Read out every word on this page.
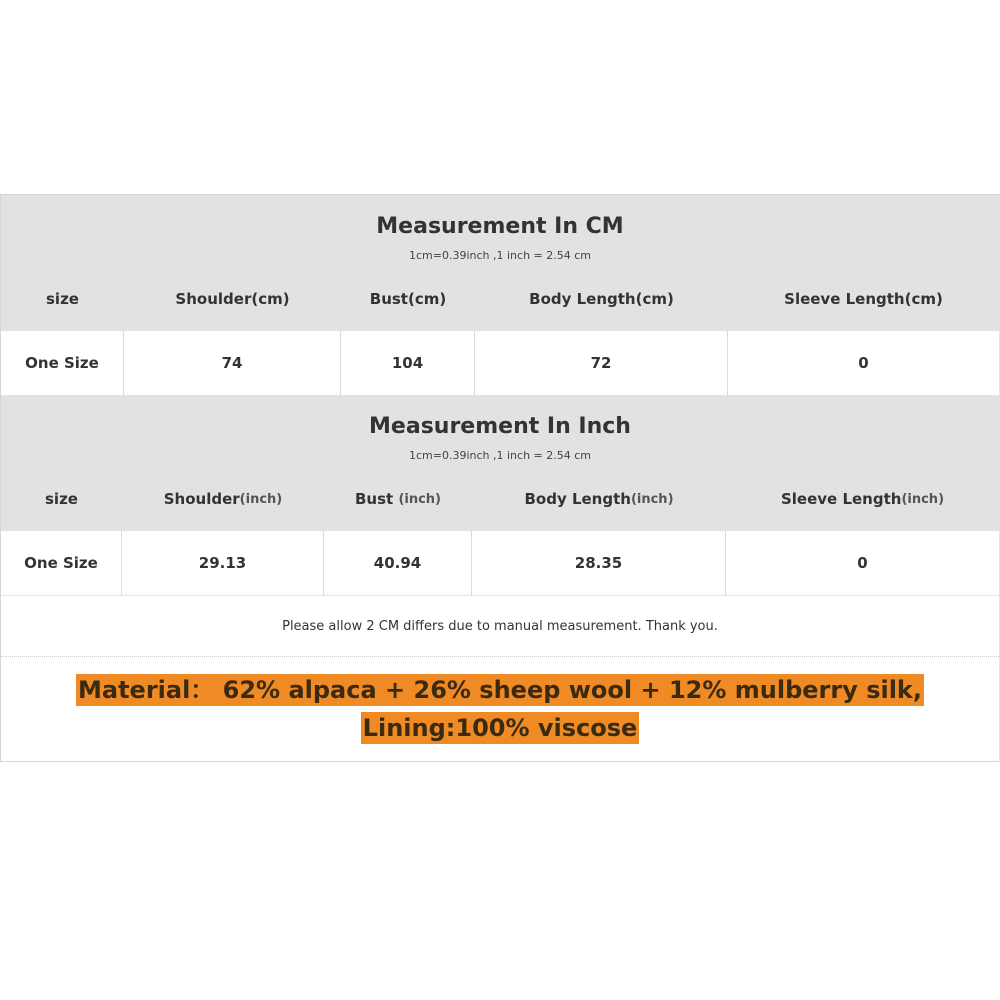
Measurement In CM
1cm=0.39inch ,1 inch = 2.54 cm
size	Shoulder(cm)	Bust(cm)	Body Length(cm)	Sleeve Length(cm)
One Size	74	104	72	0
Measurement In Inch
1cm=0.39inch ,1 inch = 2.54 cm
size	Shoulder (inch)	Bust (inch)	Body Length (inch)	Sleeve Length (inch)
One Size	29.13	40.94	28.35	0
Please allow 2 CM differs due to manual measurement. Thank you.
Material： 62% alpaca + 26% sheep wool + 12% mulberry silk,
Lining:100% viscose
